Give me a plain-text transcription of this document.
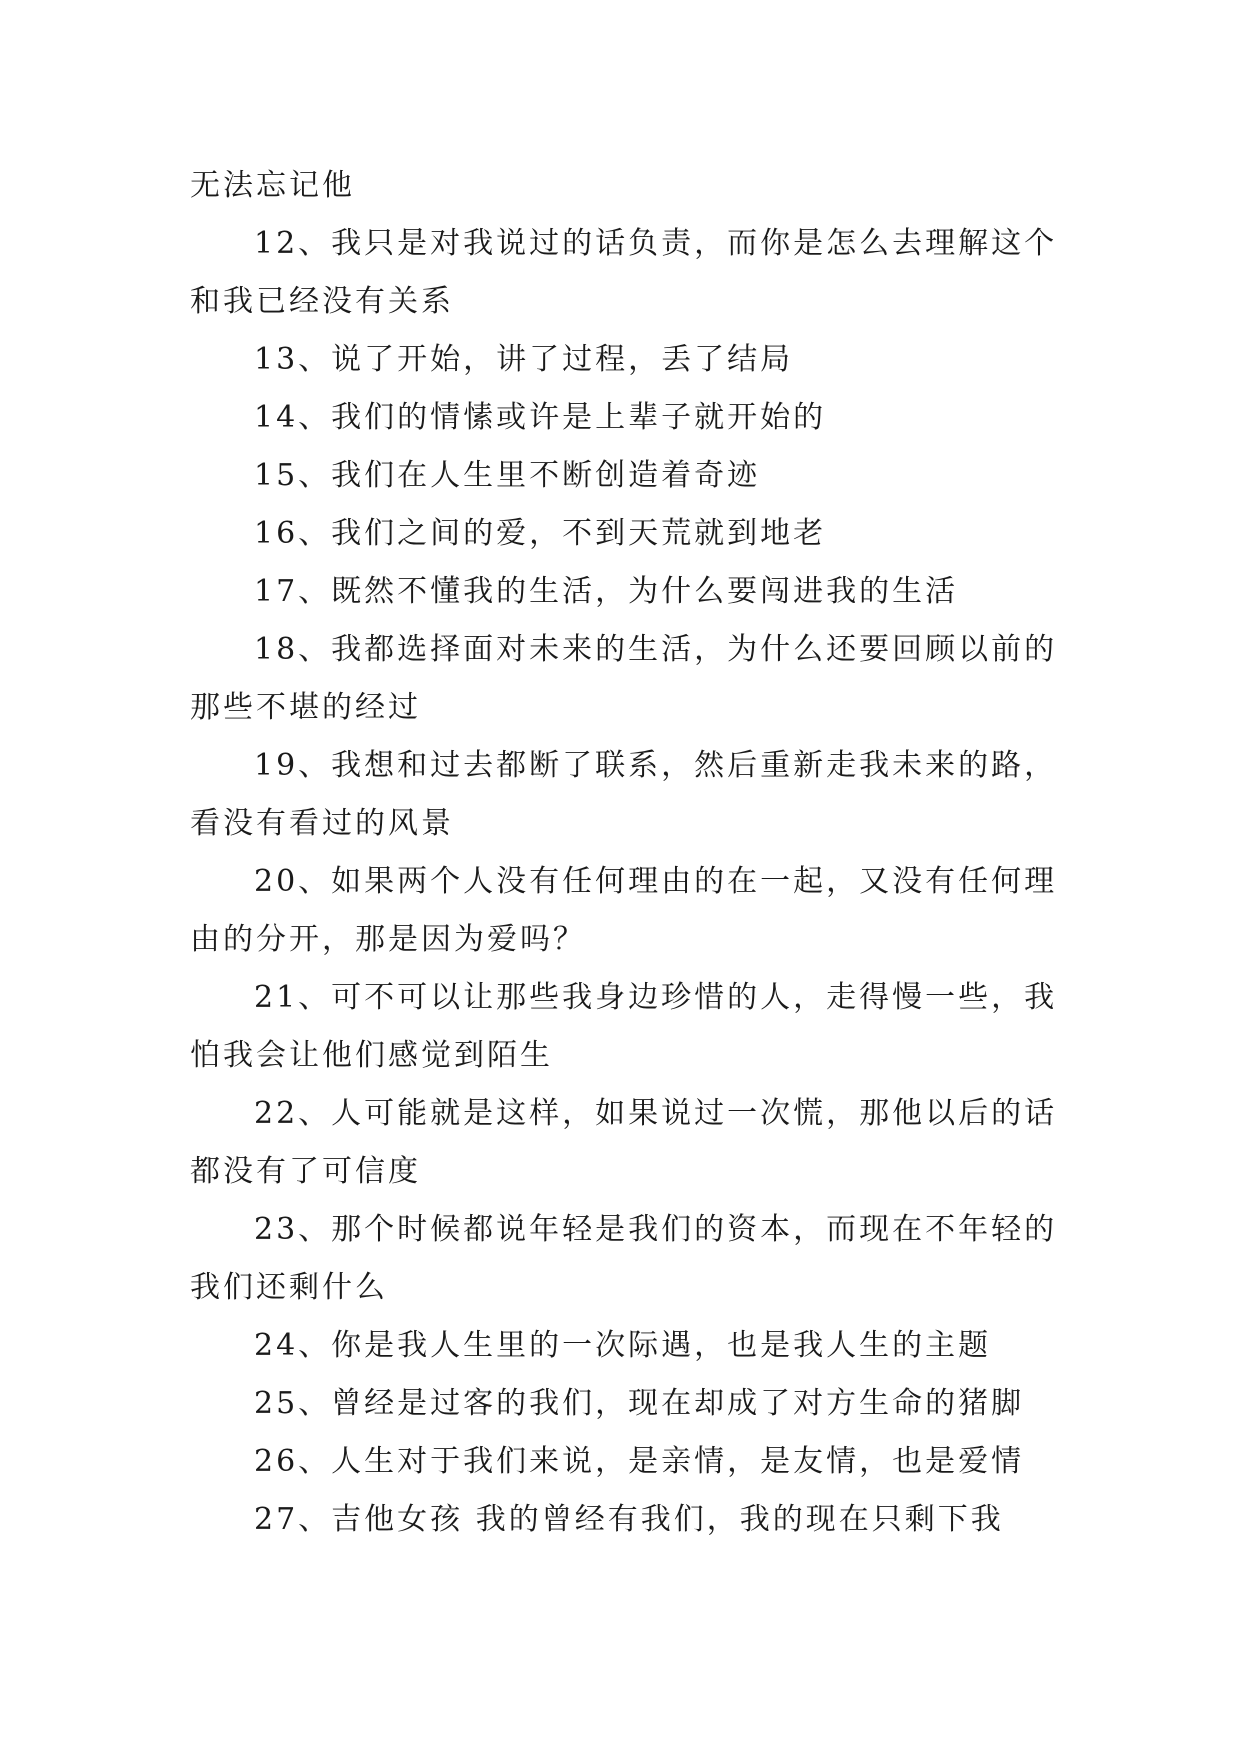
无法忘记他
12、我只是对我说过的话负责，而你是怎么去理解这个
和我已经没有关系
13、说了开始，讲了过程，丢了结局
14、我们的情愫或许是上辈子就开始的
15、我们在人生里不断创造着奇迹
16、我们之间的爱，不到天荒就到地老
17、既然不懂我的生活，为什么要闯进我的生活
18、我都选择面对未来的生活，为什么还要回顾以前的
那些不堪的经过
19、我想和过去都断了联系，然后重新走我未来的路，
看没有看过的风景
20、如果两个人没有任何理由的在一起，又没有任何理
由的分开，那是因为爱吗？
21、可不可以让那些我身边珍惜的人，走得慢一些，我
怕我会让他们感觉到陌生
22、人可能就是这样，如果说过一次慌，那他以后的话
都没有了可信度
23、那个时候都说年轻是我们的资本，而现在不年轻的
我们还剩什么
24、你是我人生里的一次际遇，也是我人生的主题
25、曾经是过客的我们，现在却成了对方生命的猪脚
26、人生对于我们来说，是亲情，是友情，也是爱情
27、吉他女孩 我的曾经有我们，我的现在只剩下我
